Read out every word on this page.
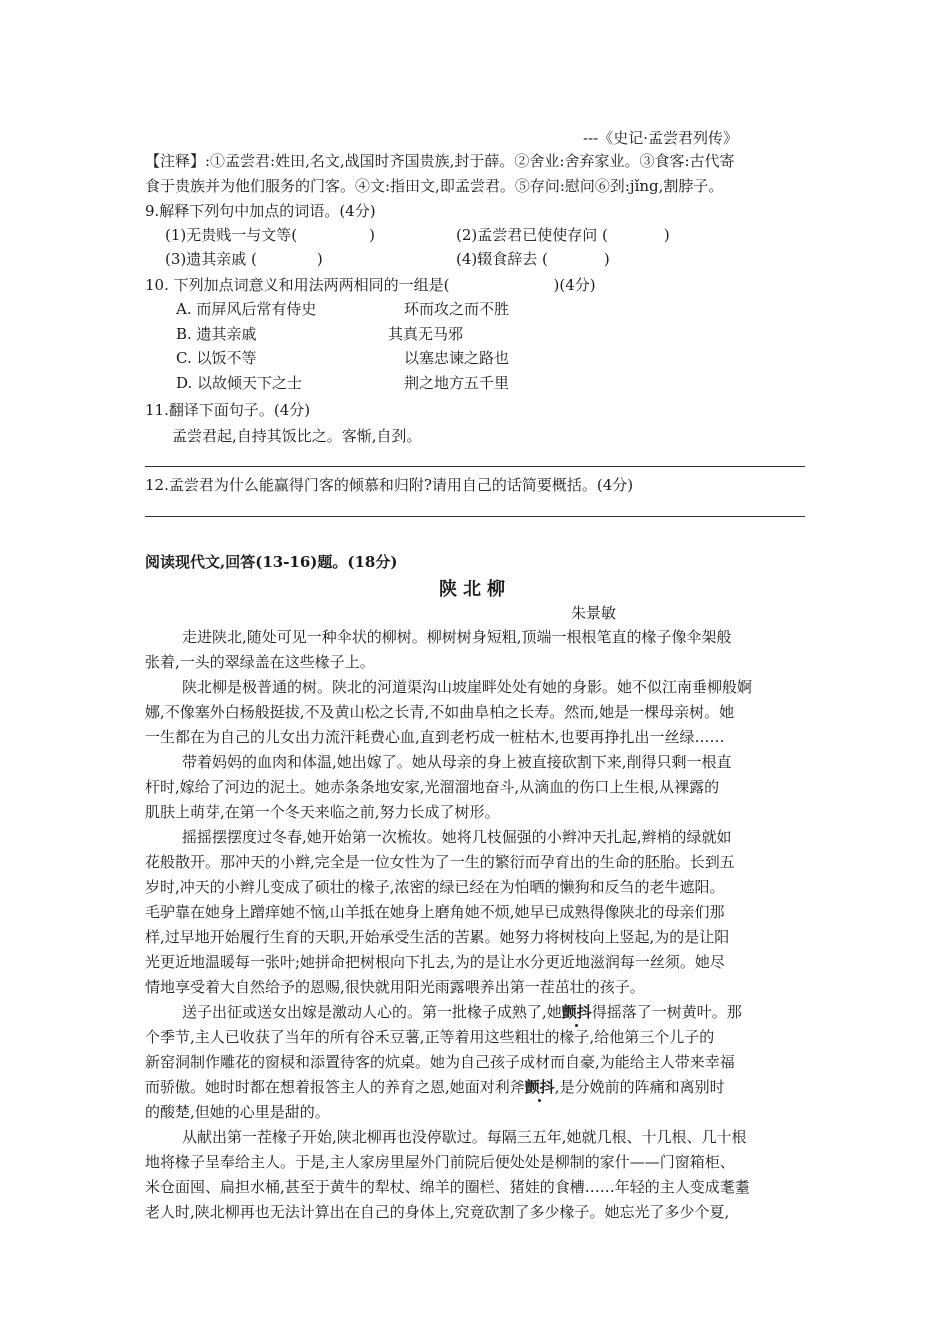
---《史记·孟尝君列传》
【注释】:①孟尝君:姓田,名文,战国时齐国贵族,封于薛。②舍业:舍弃家业。③食客:古代寄
食于贵族并为他们服务的门客。④文:指田文,即孟尝君。⑤存问:慰问⑥刭:jǐng,割脖子。
9.解释下列句中加点的词语。(4分)
(1)无贵贱一与文等(	)	(2)孟尝君已使使存问 (	)
(3)遗其亲戚 (	)	(4)辍食辞去 (	)
10. 下列加点词意义和用法两两相同的一组是(	)(4分)
A. 而屏风后常有侍史	环而攻之而不胜
B. 遗其亲戚	其真无马邪
C. 以饭不等	以塞忠谏之路也
D. 以故倾天下之士	荆之地方五千里
11.翻译下面句子。(4分)
孟尝君起,自持其饭比之。客惭,自刭。
12.孟尝君为什么能赢得门客的倾慕和归附?请用自己的话简要概括。(4分)
阅读现代文,回答(13-16)题。(18分)
陕北柳
朱景敏
走进陕北,随处可见一种伞状的柳树。柳树树身短粗,顶端一根根笔直的椽子像伞架般
张着,一头的翠绿盖在这些椽子上。
陕北柳是极普通的树。陕北的河道渠沟山坡崖畔处处有她的身影。她不似江南垂柳般婀
娜,不像塞外白杨般挺拔,不及黄山松之长青,不如曲阜柏之长寿。然而,她是一棵母亲树。她
一生都在为自己的儿女出力流汗耗费心血,直到老朽成一桩枯木,也要再挣扎出一丝绿……
带着妈妈的血肉和体温,她出嫁了。她从母亲的身上被直接砍割下来,削得只剩一根直
杆时,嫁给了河边的泥土。她赤条条地安家,光溜溜地奋斗,从滴血的伤口上生根,从裸露的
肌肤上萌芽,在第一个冬天来临之前,努力长成了树形。
摇摇摆摆度过冬春,她开始第一次梳妆。她将几枝倔强的小辫冲天扎起,辫梢的绿就如
花般散开。那冲天的小辫,完全是一位女性为了一生的繁衍而孕育出的生命的胚胎。长到五
岁时,冲天的小辫儿变成了硕壮的椽子,浓密的绿已经在为怕晒的懒狗和反刍的老牛遮阳。
毛驴靠在她身上蹭痒她不恼,山羊抵在她身上磨角她不烦,她早已成熟得像陕北的母亲们那
样,过早地开始履行生育的天职,开始承受生活的苦累。她努力将树枝向上竖起,为的是让阳
光更近地温暖每一张叶;她拼命把树根向下扎去,为的是让水分更近地滋润每一丝须。她尽
情地享受着大自然给予的恩赐,很快就用阳光雨露喂养出第一茬茁壮的孩子。
送子出征或送女出嫁是激动人心的。第一批椽子成熟了,她颤抖得摇落了一树黄叶。那
个季节,主人已收获了当年的所有谷禾豆薯,正等着用这些粗壮的椽子,给他第三个儿子的
新窑洞制作雕花的窗棂和添置待客的炕桌。她为自己孩子成材而自豪,为能给主人带来幸福
而骄傲。她时时都在想着报答主人的养育之恩,她面对利斧颤抖,是分娩前的阵痛和离别时
的酸楚,但她的心里是甜的。
从献出第一茬椽子开始,陕北柳再也没停歇过。每隔三五年,她就几根、十几根、几十根
地将椽子呈奉给主人。于是,主人家房里屋外门前院后便处处是柳制的家什——门窗箱柜、
米仓面囤、扁担水桶,甚至于黄牛的犁杖、绵羊的圈栏、猪娃的食槽……年轻的主人变成耄耋
老人时,陕北柳再也无法计算出在自己的身体上,究竟砍割了多少椽子。她忘光了多少个夏,
